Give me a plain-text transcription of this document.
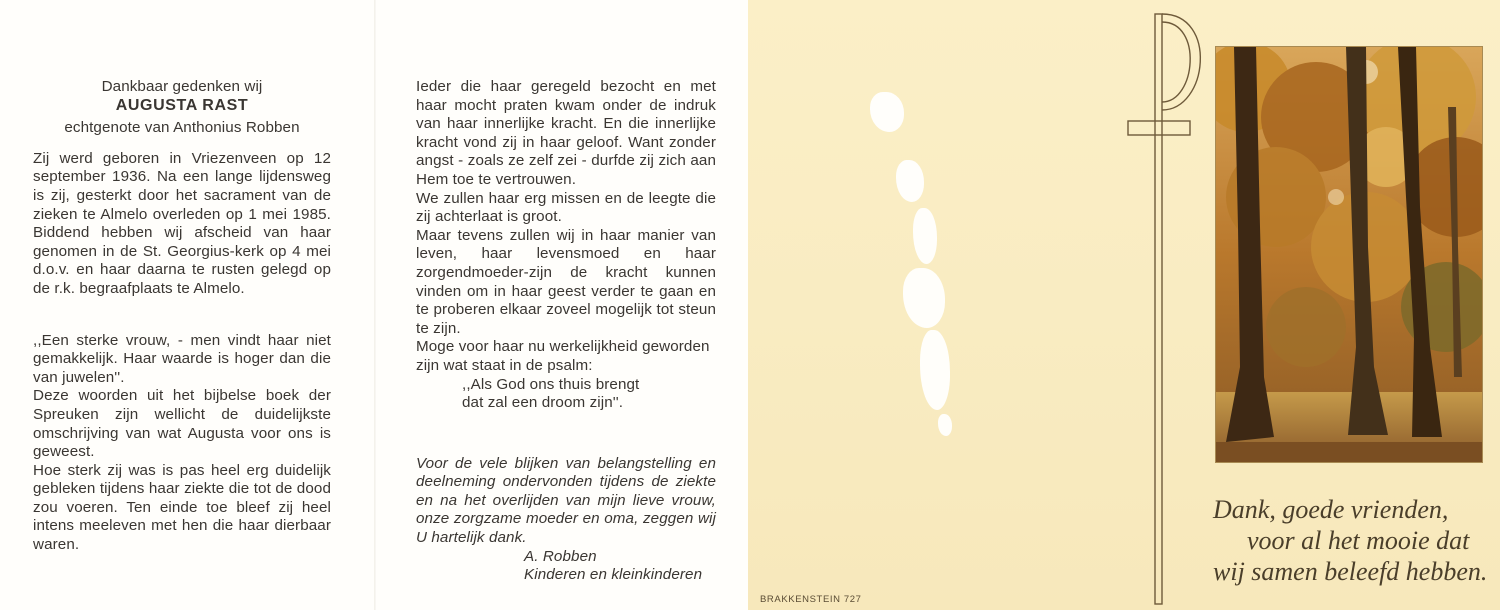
Dankbaar gedenken wij
AUGUSTA RAST
echtgenote van Anthonius Robben
Zij werd geboren in Vriezenveen op 12 september 1936. Na een lange lijdensweg is zij, gesterkt door het sacrament van de zieken te Almelo overleden op 1 mei 1985. Biddend hebben wij afscheid van haar genomen in de St. Georgius-kerk op 4 mei d.o.v. en haar daarna te rusten gelegd op de r.k. begraafplaats te Almelo.
,,Een sterke vrouw, - men vindt haar niet gemakkelijk. Haar waarde is hoger dan die van juwelen''.
Deze woorden uit het bijbelse boek der Spreuken zijn wellicht de duidelijkste omschrijving van wat Augusta voor ons is geweest.
Hoe sterk zij was is pas heel erg duidelijk gebleken tijdens haar ziekte die tot de dood zou voeren. Ten einde toe bleef zij heel intens meeleven met hen die haar dierbaar waren.
Ieder die haar geregeld bezocht en met haar mocht praten kwam onder de indruk van haar innerlijke kracht. En die innerlijke kracht vond zij in haar geloof. Want zonder angst - zoals ze zelf zei - durfde zij zich aan Hem toe te vertrouwen.
We zullen haar erg missen en de leegte die zij achterlaat is groot.
Maar tevens zullen wij in haar manier van leven, haar levensmoed en haar zorgendmoeder-zijn de kracht kunnen vinden om in haar geest verder te gaan en te proberen elkaar zoveel mogelijk tot steun te zijn.
Moge voor haar nu werkelijkheid geworden zijn wat staat in de psalm:
,,Als God ons thuis brengt
dat zal een droom zijn''.
Voor de vele blijken van belangstelling en deelneming ondervonden tijdens de ziekte en na het overlijden van mijn lieve vrouw, onze zorgzame moeder en oma, zeggen wij U hartelijk dank.
A. Robben
Kinderen en kleinkinderen
BRAKKENSTEIN 727
Dank, goede vrienden,
voor al het mooie dat
wij samen beleefd hebben.
